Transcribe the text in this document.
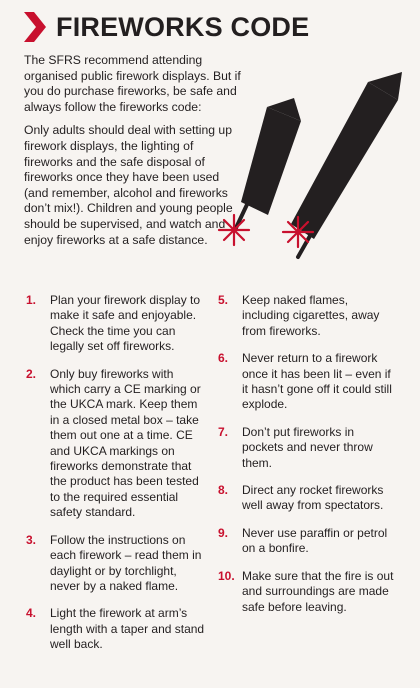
FIREWORKS CODE

The SFRS recommend attending organised public firework displays. But if you do purchase fireworks, be safe and always follow the fireworks code:

Only adults should deal with setting up firework displays, the lighting of fireworks and the safe disposal of fireworks once they have been used (and remember, alcohol and fireworks don’t mix!). Children and young people should be supervised, and watch and enjoy fireworks at a safe distance.

1.	Plan your firework display to make it safe and enjoyable. Check the time you can legally set off fireworks.
2.	Only buy fireworks with which carry a CE marking or the UKCA mark. Keep them in a closed metal box – take them out one at a time. CE and UKCA markings on fireworks demonstrate that the product has been tested to the required essential safety standard.
3.	Follow the instructions on each firework – read them in daylight or by torchlight, never by a naked flame.
4.	Light the firework at arm’s length with a taper and stand well back.
5.	Keep naked flames, including cigarettes, away from fireworks.
6.	Never return to a firework once it has been lit – even if it hasn’t gone off it could still explode.
7.	Don’t put fireworks in pockets and never throw them.
8.	Direct any rocket fireworks well away from spectators.
9.	Never use paraffin or petrol on a bonfire.
10. Make sure that the fire is out and surroundings are made safe before leaving.
